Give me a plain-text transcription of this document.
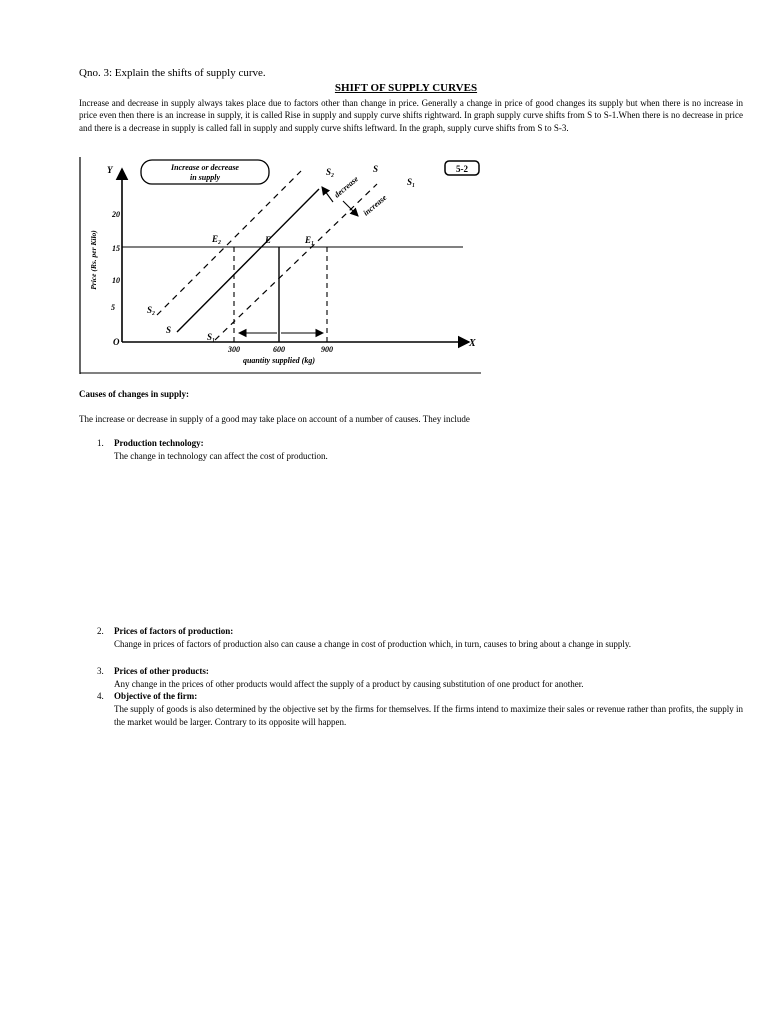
Qno. 3: Explain the shifts of supply curve.
SHIFT OF SUPPLY CURVES
Increase and decrease in supply always takes place due to factors other than change in price. Generally a change in price of good changes its supply but when there is no increase in price even then there is an increase in supply, it is called Rise in supply and supply curve shifts rightward. In graph supply curve shifts from S to S-1.When there is no decrease in price and there is a decrease in supply is called fall in supply and supply curve shifts leftward. In the graph, supply curve shifts from S to S-3.
Y
X
O
5
10
15
20
Price (Rs. per Kilo)
300	600	900
quantity supplied (kg)
S
S₂
S₁
S
S₂
S₁
decrease
increase
E₂	E	E₁
Increase or decrease
in supply
5-2
Causes of changes in supply:
The increase or decrease in supply of a good may take place on account of a number of causes. They include
1.	Production technology:
The change in technology can affect the cost of production.
2.	Prices of factors of production:
Change in prices of factors of production also can cause a change in cost of production which, in turn, causes to bring about a change in supply.
3.	Prices of other products:
Any change in the prices of other products would affect the supply of a product by causing substitution of one product for another.
4.	Objective of the firm:
The supply of goods is also determined by the objective set by the firms for themselves. If the firms intend to maximize their sales or revenue rather than profits, the supply in the market would be larger. Contrary to its opposite will happen.
